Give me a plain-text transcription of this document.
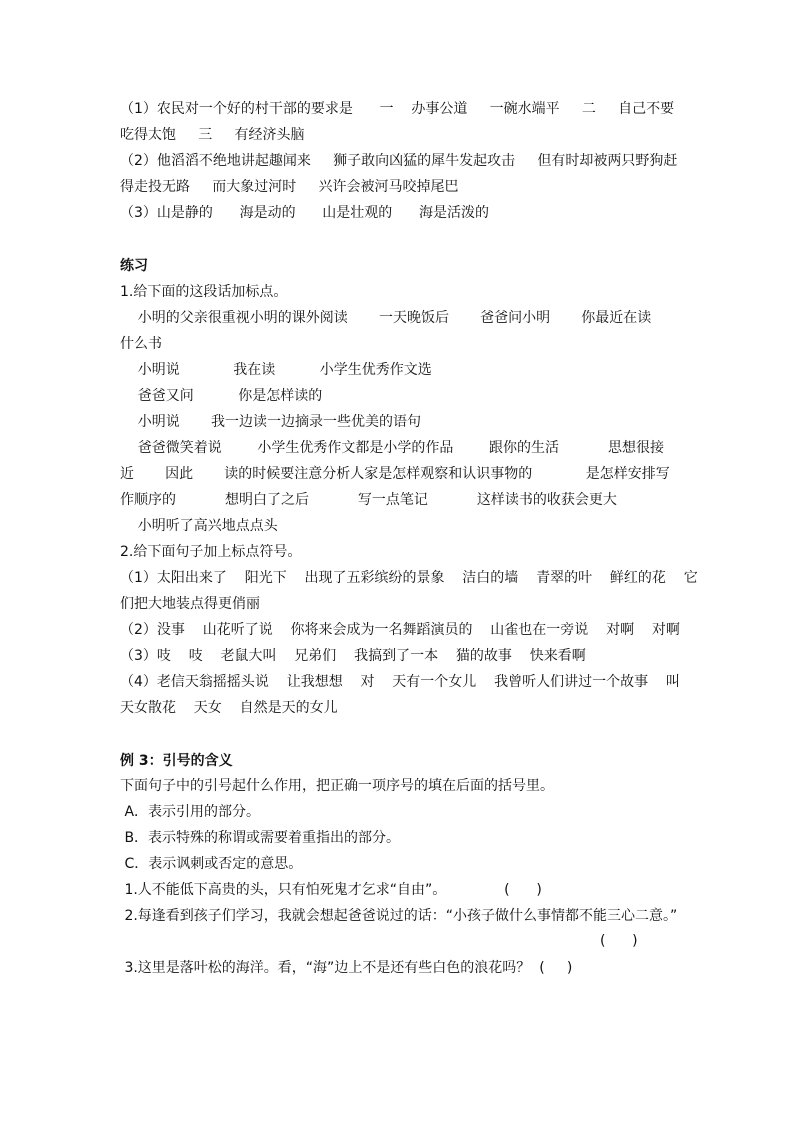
（1）农民对一个好的村干部的要求是      一    办事公道     一碗水端平     二     自己不要
吃得太饱     三     有经济头脑
（2）他滔滔不绝地讲起趣闻来     狮子敢向凶猛的犀牛发起攻击     但有时却被两只野狗赶
得走投无路     而大象过河时     兴许会被河马咬掉尾巴
（3）山是静的      海是动的      山是壮观的      海是活泼的
练习
1.给下面的这段话加标点。
小明的父亲很重视小明的课外阅读       一天晚饭后       爸爸问小明       你最近在读
什么书
小明说            我在读          小学生优秀作文选
爸爸又问          你是怎样读的
小明说       我一边读一边摘录一些优美的语句
爸爸微笑着说        小学生优秀作文都是小学的作品        跟你的生活           思想很接
近       因此       读的时候要注意分析人家是怎样观察和认识事物的            是怎样安排写
作顺序的           想明白了之后           写一点笔记           这样读书的收获会更大
小明听了高兴地点点头
2.给下面句子加上标点符号。
（1）太阳出来了    阳光下    出现了五彩缤纷的景象    洁白的墙    青翠的叶    鲜红的花    它
们把大地装点得更俏丽
（2）没事    山花听了说    你将来会成为一名舞蹈演员的    山雀也在一旁说    对啊    对啊
（3）吱    吱    老鼠大叫    兄弟们    我搞到了一本    猫的故事    快来看啊
（4）老信天翁摇摇头说    让我想想    对    天有一个女儿    我曾听人们讲过一个故事    叫
天女散花    天女    自然是天的女儿
例 3：引号的含义
下面句子中的引号起什么作用，把正确一项序号的填在后面的括号里。
A．表示引用的部分。
B．表示特殊的称谓或需要着重指出的部分。
C．表示讽刺或否定的意思。
1.人不能低下高贵的头，只有怕死鬼才乞求“自由”。             (      )
2.每逢看到孩子们学习，我就会想起爸爸说过的话：“小孩子做什么事情都不能三心二意。”
(      )
3.这里是落叶松的海洋。看，“海”边上不是还有些白色的浪花吗？  (     )
